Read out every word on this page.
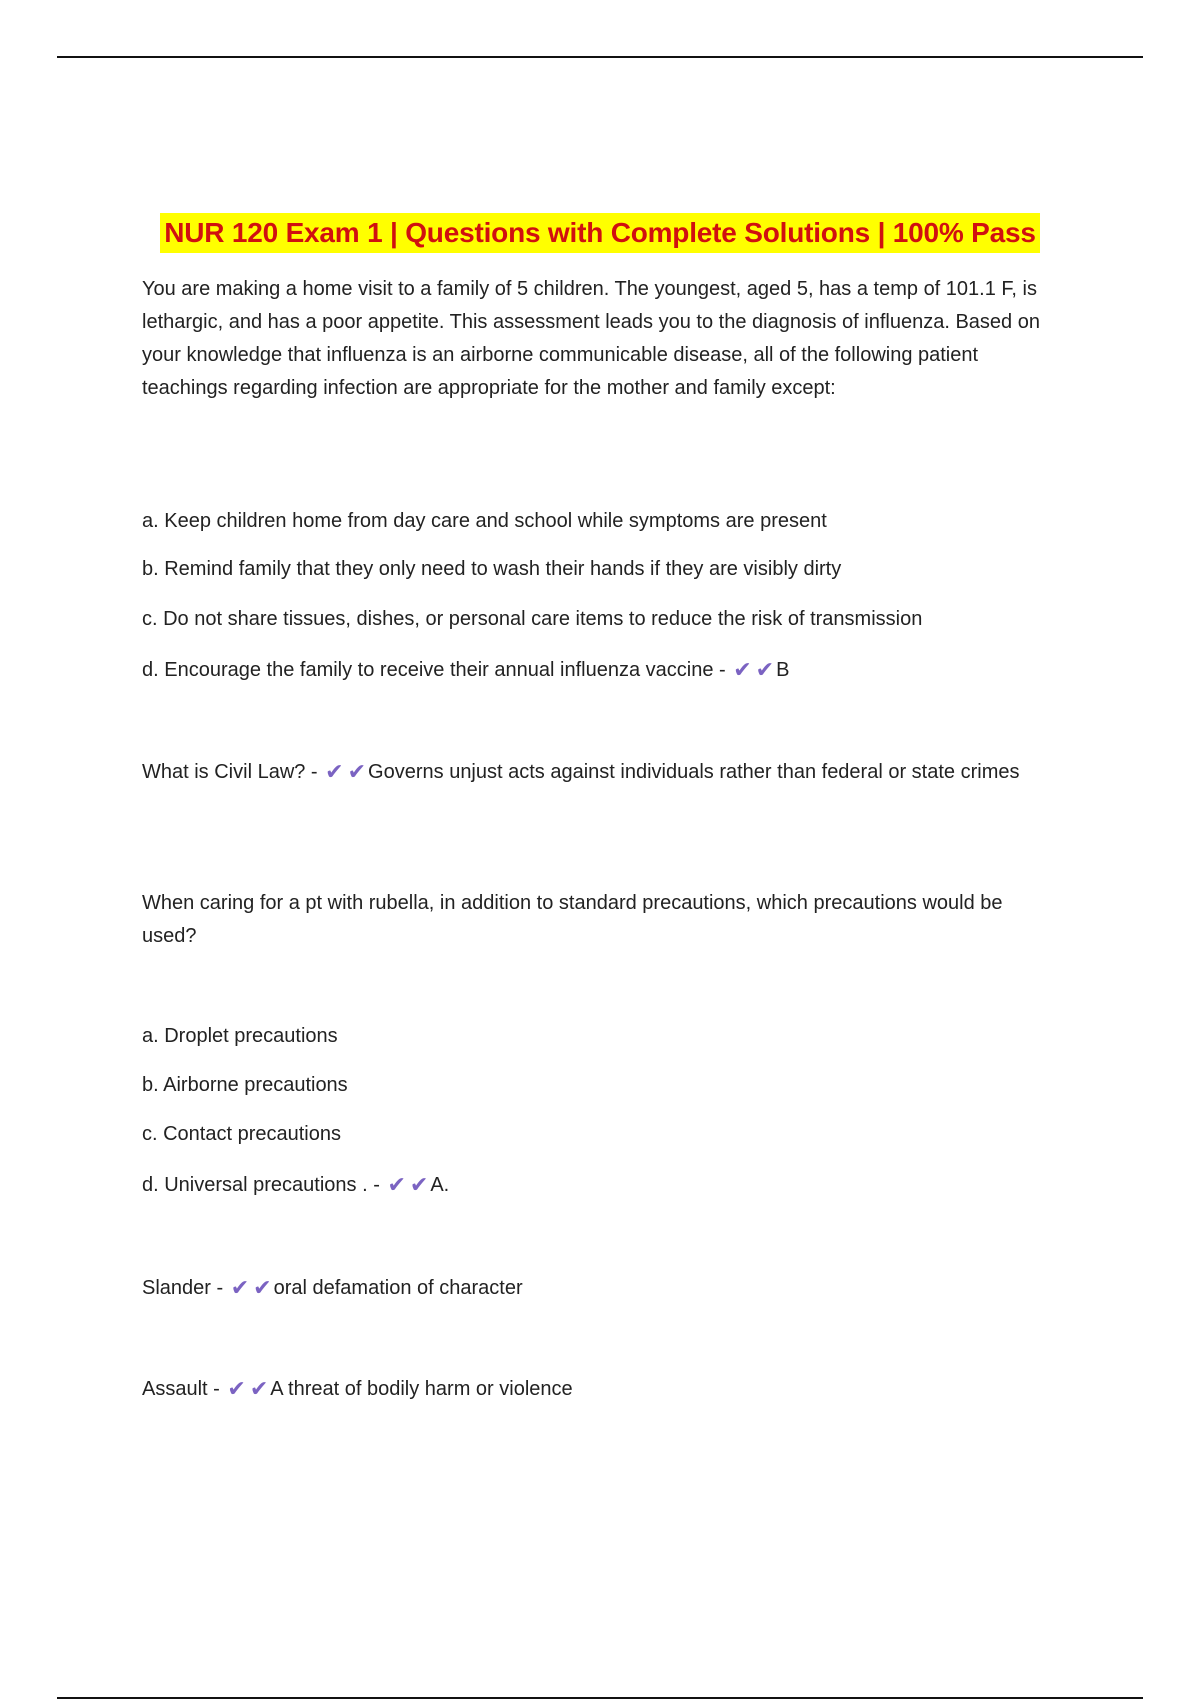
NUR 120 Exam 1 | Questions with Complete Solutions | 100% Pass
You are making a home visit to a family of 5 children. The youngest, aged 5, has a temp of 101.1 F, is lethargic, and has a poor appetite. This assessment leads you to the diagnosis of influenza. Based on your knowledge that influenza is an airborne communicable disease, all of the following patient teachings regarding infection are appropriate for the mother and family except:
a. Keep children home from day care and school while symptoms are present
b. Remind family that they only need to wash their hands if they are visibly dirty
c. Do not share tissues, dishes, or personal care items to reduce the risk of transmission
d. Encourage the family to receive their annual influenza vaccine - ✔ ✔ B
What is Civil Law? - ✔ ✔ Governs unjust acts against individuals rather than federal or state crimes
When caring for a pt with rubella, in addition to standard precautions, which precautions would be used?
a. Droplet precautions
b. Airborne precautions
c. Contact precautions
d. Universal precautions . - ✔ ✔ A.
Slander - ✔ ✔ oral defamation of character
Assault - ✔ ✔ A threat of bodily harm or violence
